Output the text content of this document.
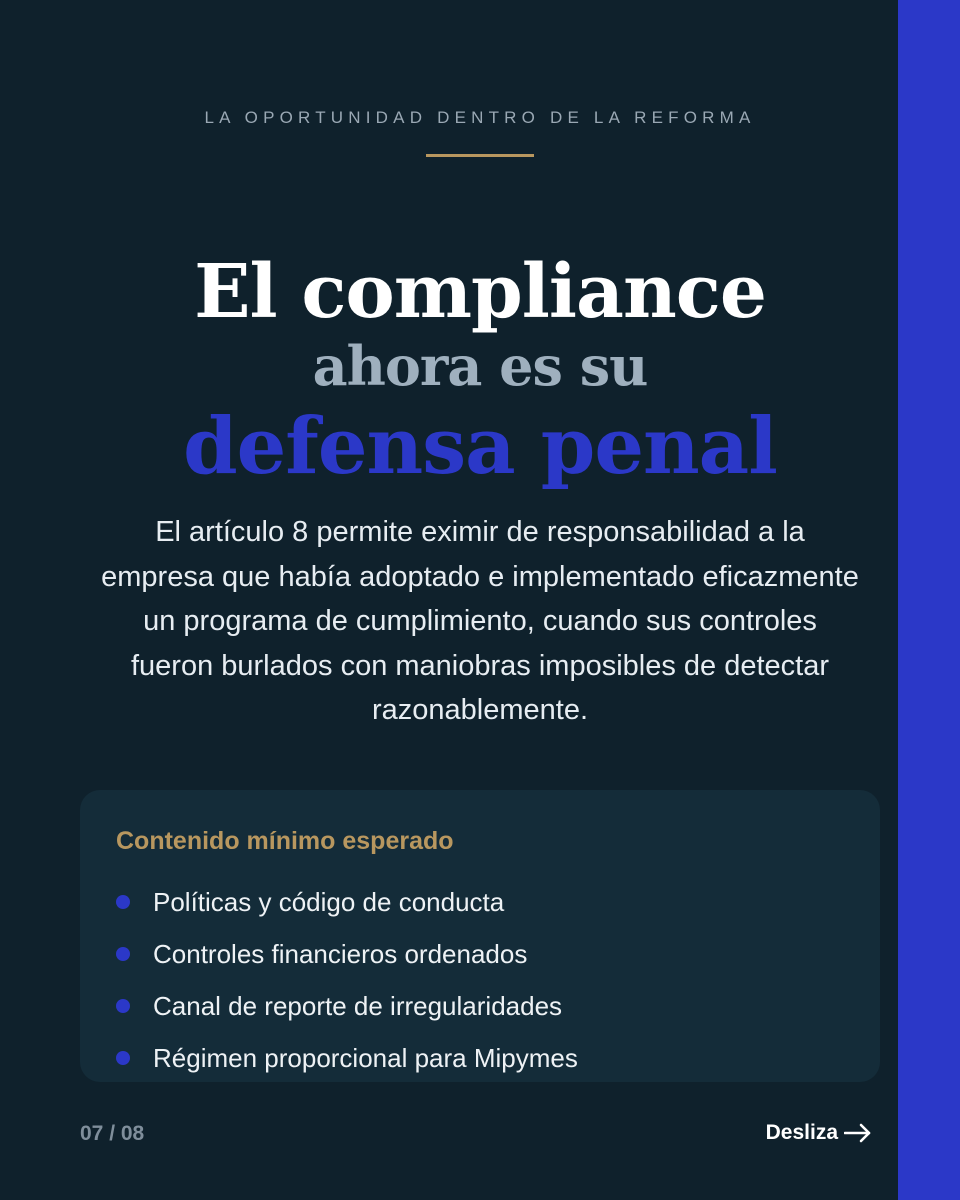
LA OPORTUNIDAD DENTRO DE LA REFORMA
El compliance
ahora es su
defensa penal

El artículo 8 permite eximir de responsabilidad a la empresa que había adoptado e implementado eficazmente un programa de cumplimiento, cuando sus controles fueron burlados con maniobras imposibles de detectar razonablemente.

Contenido mínimo esperado
Políticas y código de conducta
Controles financieros ordenados
Canal de reporte de irregularidades
Régimen proporcional para Mipymes
07 / 08	Desliza
